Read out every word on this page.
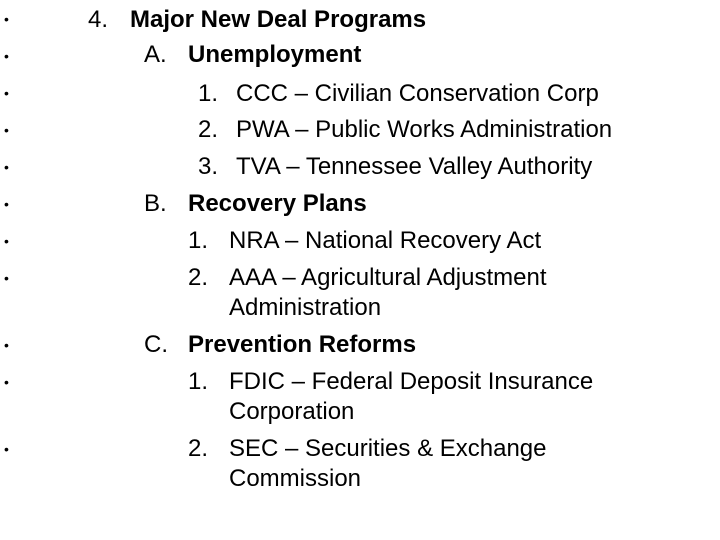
•
•
•
•
•
•
•
•
•
•
•
4. Major New Deal Programs
A. Unemployment
1. CCC – Civilian Conservation Corp
2. PWA – Public Works Administration
3. TVA – Tennessee Valley Authority
B. Recovery Plans
1. NRA – National Recovery Act
2. AAA – Agricultural Adjustment
Administration
C. Prevention Reforms
1. FDIC – Federal Deposit Insurance
Corporation
2. SEC – Securities & Exchange
Commission
